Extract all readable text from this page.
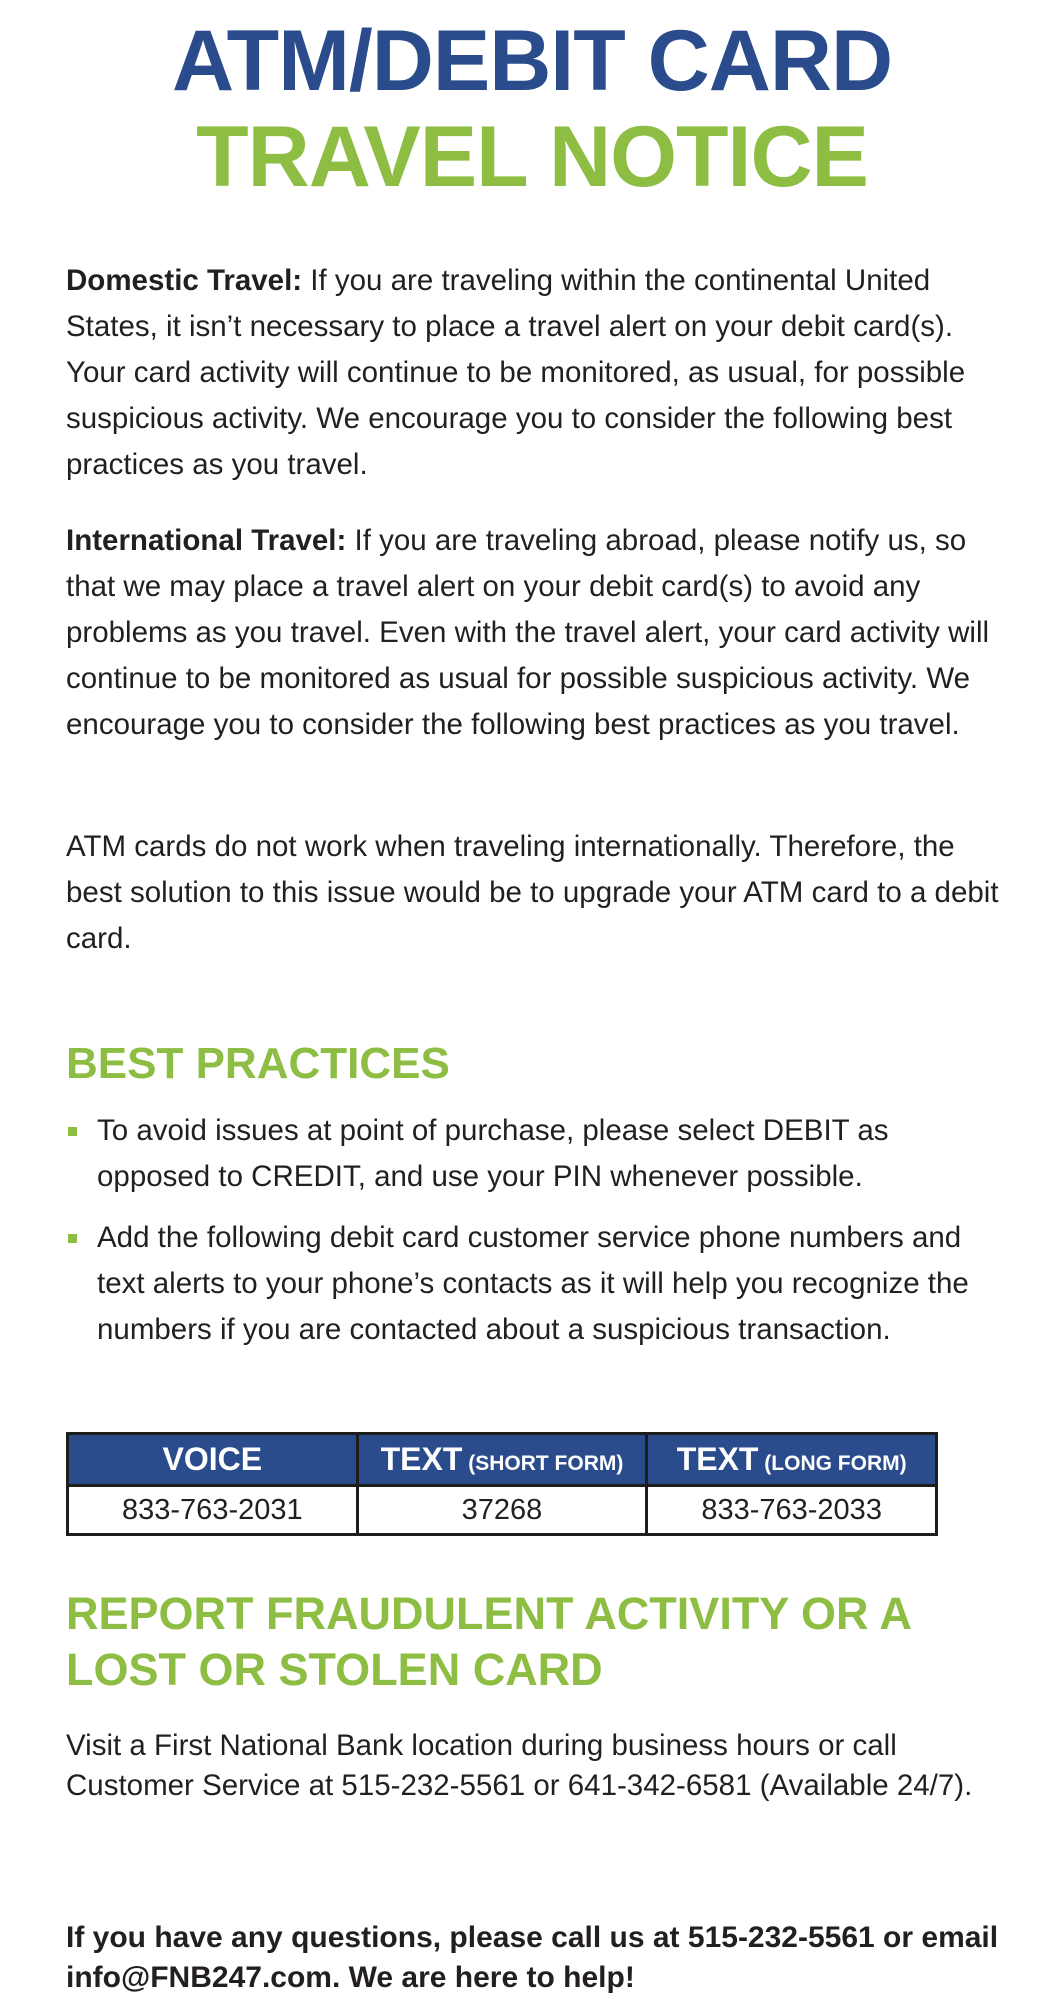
ATM/DEBIT CARD
TRAVEL NOTICE

Domestic Travel: If you are traveling within the continental United States, it isn’t necessary to place a travel alert on your debit card(s). Your card activity will continue to be monitored, as usual, for possible suspicious activity. We encourage you to consider the following best practices as you travel.

International Travel: If you are traveling abroad, please notify us, so that we may place a travel alert on your debit card(s) to avoid any problems as you travel. Even with the travel alert, your card activity will continue to be monitored as usual for possible suspicious activity. We encourage you to consider the following best practices as you travel.

ATM cards do not work when traveling internationally. Therefore, the best solution to this issue would be to upgrade your ATM card to a debit card.

BEST PRACTICES
To avoid issues at point of purchase, please select DEBIT as opposed to CREDIT, and use your PIN whenever possible.
Add the following debit card customer service phone numbers and text alerts to your phone’s contacts as it will help you recognize the numbers if you are contacted about a suspicious transaction.
VOICE	TEXT (SHORT FORM)	TEXT (LONG FORM)
833-763-2031	37268	833-763-2033
REPORT FRAUDULENT ACTIVITY OR A LOST OR STOLEN CARD

Visit a First National Bank location during business hours or call Customer Service at 515-232-5561 or 641-342-6581 (Available 24/7).

If you have any questions, please call us at 515-232-5561 or email info@FNB247.com. We are here to help!
